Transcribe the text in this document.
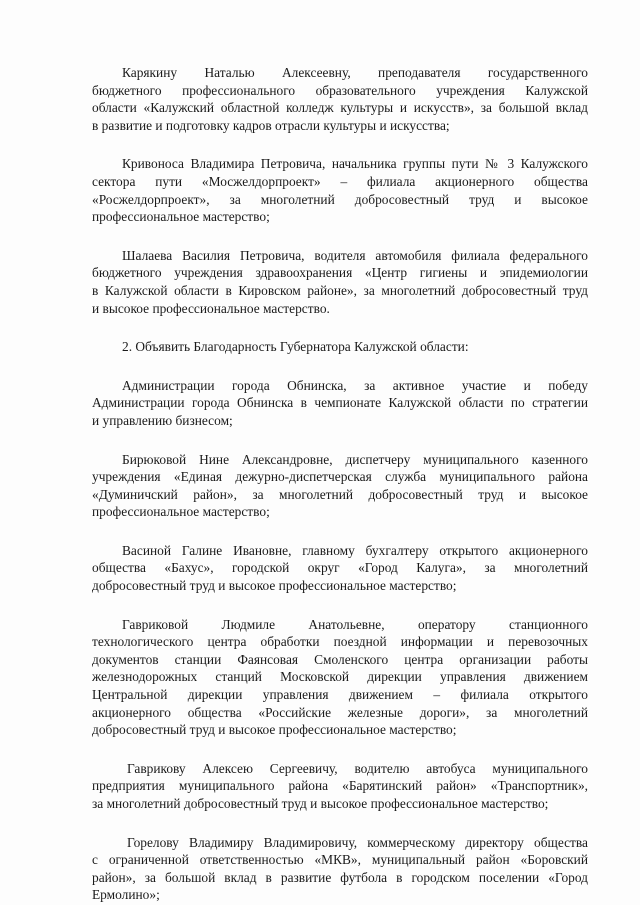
Карякину Наталью Алексеевну, преподавателя государственного
бюджетного профессионального образовательного учреждения Калужской
области «Калужский областной колледж культуры и искусств», за большой вклад
в развитие и подготовку кадров отрасли культуры и искусства;
Кривоноса Владимира Петровича, начальника группы пути № 3 Калужского
сектора пути «Мосжелдорпроект» – филиала акционерного общества
«Росжелдорпроект», за многолетний добросовестный труд и высокое
профессиональное мастерство;
Шалаева Василия Петровича, водителя автомобиля филиала федерального
бюджетного учреждения здравоохранения «Центр гигиены и эпидемиологии
в Калужской области в Кировском районе», за многолетний добросовестный труд
и высокое профессиональное мастерство.
2. Объявить Благодарность Губернатора Калужской области:
Администрации города Обнинска, за активное участие и победу
Администрации города Обнинска в чемпионате Калужской области по стратегии
и управлению бизнесом;
Бирюковой Нине Александровне, диспетчеру муниципального казенного
учреждения «Единая дежурно-диспетчерская служба муниципального района
«Думиничский район», за многолетний добросовестный труд и высокое
профессиональное мастерство;
Васиной Галине Ивановне, главному бухгалтеру открытого акционерного
общества «Бахус», городской округ «Город Калуга», за многолетний
добросовестный труд и высокое профессиональное мастерство;
Гавриковой Людмиле Анатольевне, оператору станционного
технологического центра обработки поездной информации и перевозочных
документов станции Фаянсовая Смоленского центра организации работы
железнодорожных станций Московской дирекции управления движением
Центральной дирекции управления движением – филиала открытого
акционерного общества «Российские железные дороги», за многолетний
добросовестный труд и высокое профессиональное мастерство;
Гаврикову Алексею Сергеевичу, водителю автобуса муниципального
предприятия муниципального района «Барятинский район» «Транспортник»,
за многолетний добросовестный труд и высокое профессиональное мастерство;
Горелову Владимиру Владимировичу, коммерческому директору общества
с ограниченной ответственностью «МКВ», муниципальный район «Боровский
район», за большой вклад в развитие футбола в городском поселении «Город
Ермолино»;
